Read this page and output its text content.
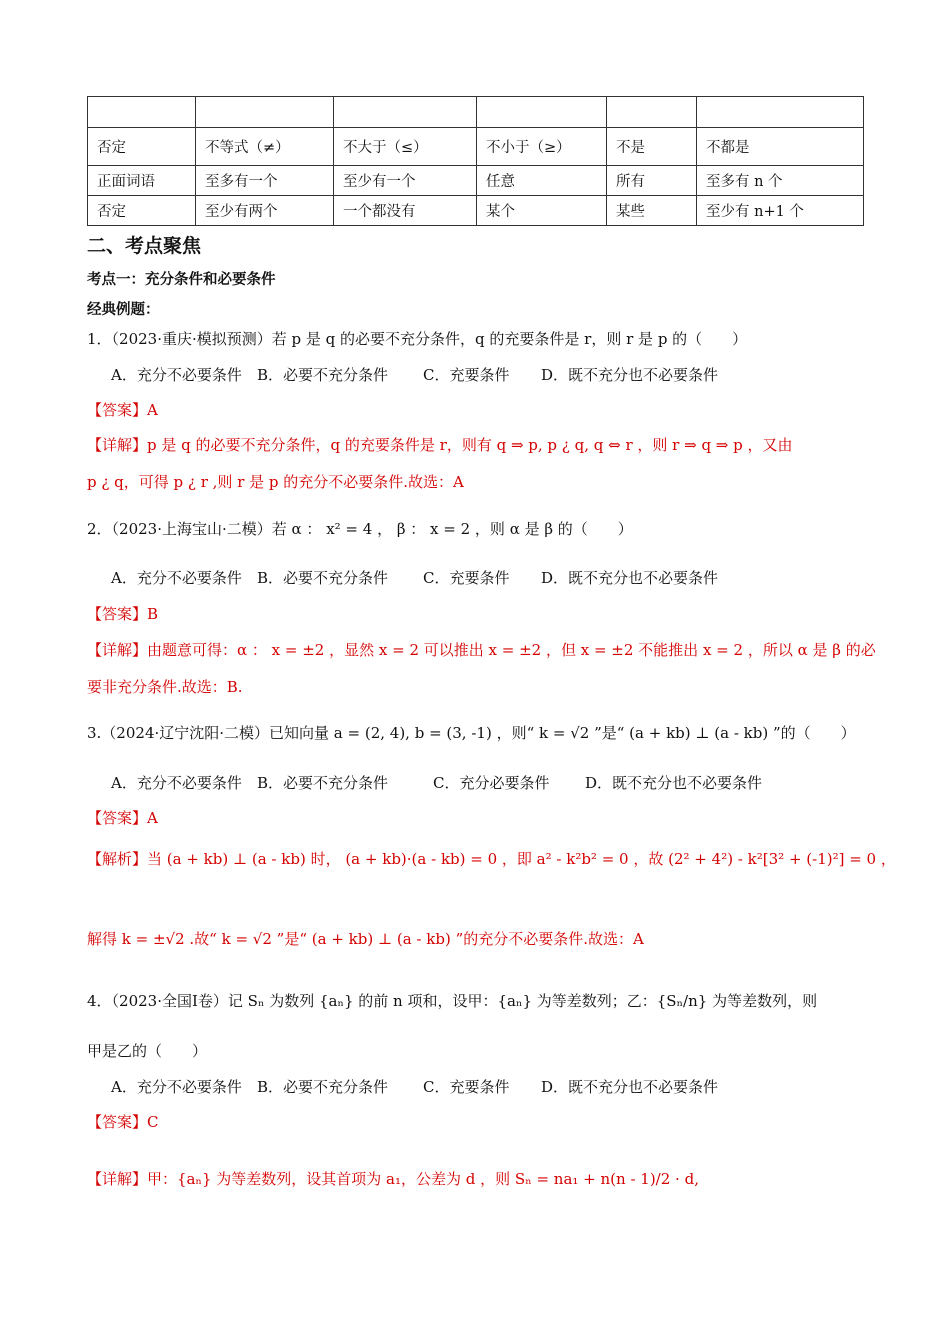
否定	不等式（≠）	不大于（≤）	不小于（≥）	不是	不都是
正面词语	至多有一个	至少有一个	任意	所有	至多有 n 个
否定	至少有两个	一个都没有	某个	某些	至少有 n+1 个
二、考点聚焦
考点一：充分条件和必要条件
经典例题：
1．（2023·重庆·模拟预测）若 p 是 q 的必要不充分条件，q 的充要条件是 r，则 r 是 p 的（　　）
A．充分不必要条件 B．必要不充分条件 C．充要条件 D．既不充分也不必要条件
【答案】A
【详解】p 是 q 的必要不充分条件，q 的充要条件是 r，则有 q ⇒ p, p ¿ q, q ⇔ r ，则 r ⇒ q ⇒ p ，又由
p ¿ q，可得 p ¿ r ,则 r 是 p 的充分不必要条件.故选：A
2．（2023·上海宝山·二模）若 α ： x² = 4 ， β ： x = 2 ，则 α 是 β 的（　　）
A．充分不必要条件 B．必要不充分条件 C．充要条件 D．既不充分也不必要条件
【答案】B
【详解】由题意可得：α ： x = ±2 ，显然 x = 2 可以推出 x = ±2 ，但 x = ±2 不能推出 x = 2 ，所以 α 是 β 的必
要非充分条件.故选：B.
3.（2024·辽宁沈阳·二模）已知向量 a = (2, 4), b = (3, -1) ，则“ k = √2 ”是“ (a + kb) ⊥ (a - kb) ”的（　　）
A．充分不必要条件 B．必要不充分条件	C．充分必要条件 D．既不充分也不必要条件
【答案】A
【解析】当 (a + kb) ⊥ (a - kb) 时， (a + kb)·(a - kb) = 0 ，即 a² - k²b² = 0 ，故 (2² + 4²) - k²[3² + (-1)²] = 0 ，
解得 k = ±√2 .故“ k = √2 ”是“ (a + kb) ⊥ (a - kb) ”的充分不必要条件.故选：A
4．（2023·全国Ⅰ卷）记 Sₙ 为数列 {aₙ} 的前 n 项和，设甲：{aₙ} 为等差数列；乙：{Sₙ/n} 为等差数列，则
甲是乙的（　　）
A．充分不必要条件 B．必要不充分条件 C．充要条件 D．既不充分也不必要条件
【答案】C
【详解】甲：{aₙ} 为等差数列，设其首项为 a₁，公差为 d ，则 Sₙ = na₁ + n(n - 1)/2 · d,
